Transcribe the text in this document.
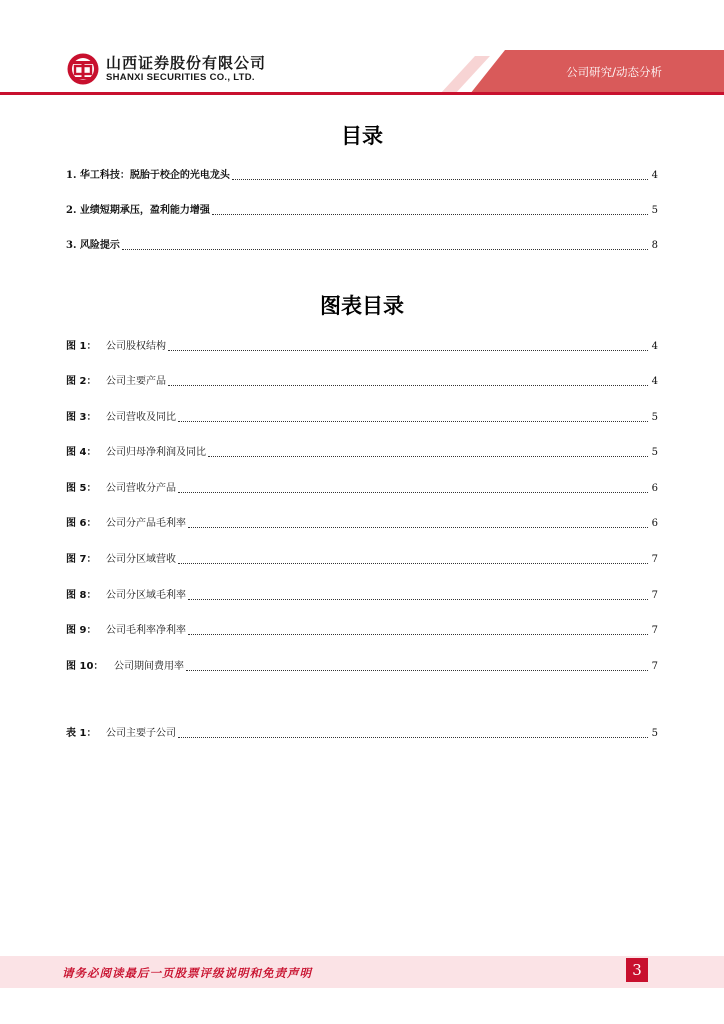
山西证券股份有限公司
SHANXI SECURITIES CO., LTD.	公司研究/动态分析
目录
1. 华工科技：脱胎于校企的光电龙头	4
2. 业绩短期承压，盈利能力增强	5
3. 风险提示	8
图表目录
图 1： 公司股权结构	4
图 2： 公司主要产品	4
图 3： 公司营收及同比	5
图 4： 公司归母净利润及同比	5
图 5： 公司营收分产品	6
图 6： 公司分产品毛利率	6
图 7： 公司分区域营收	7
图 8： 公司分区域毛利率	7
图 9： 公司毛利率净利率	7
图 10：	公司期间费用率	7
表 1： 公司主要子公司	5
请务必阅读最后一页股票评级说明和免责声明	3
